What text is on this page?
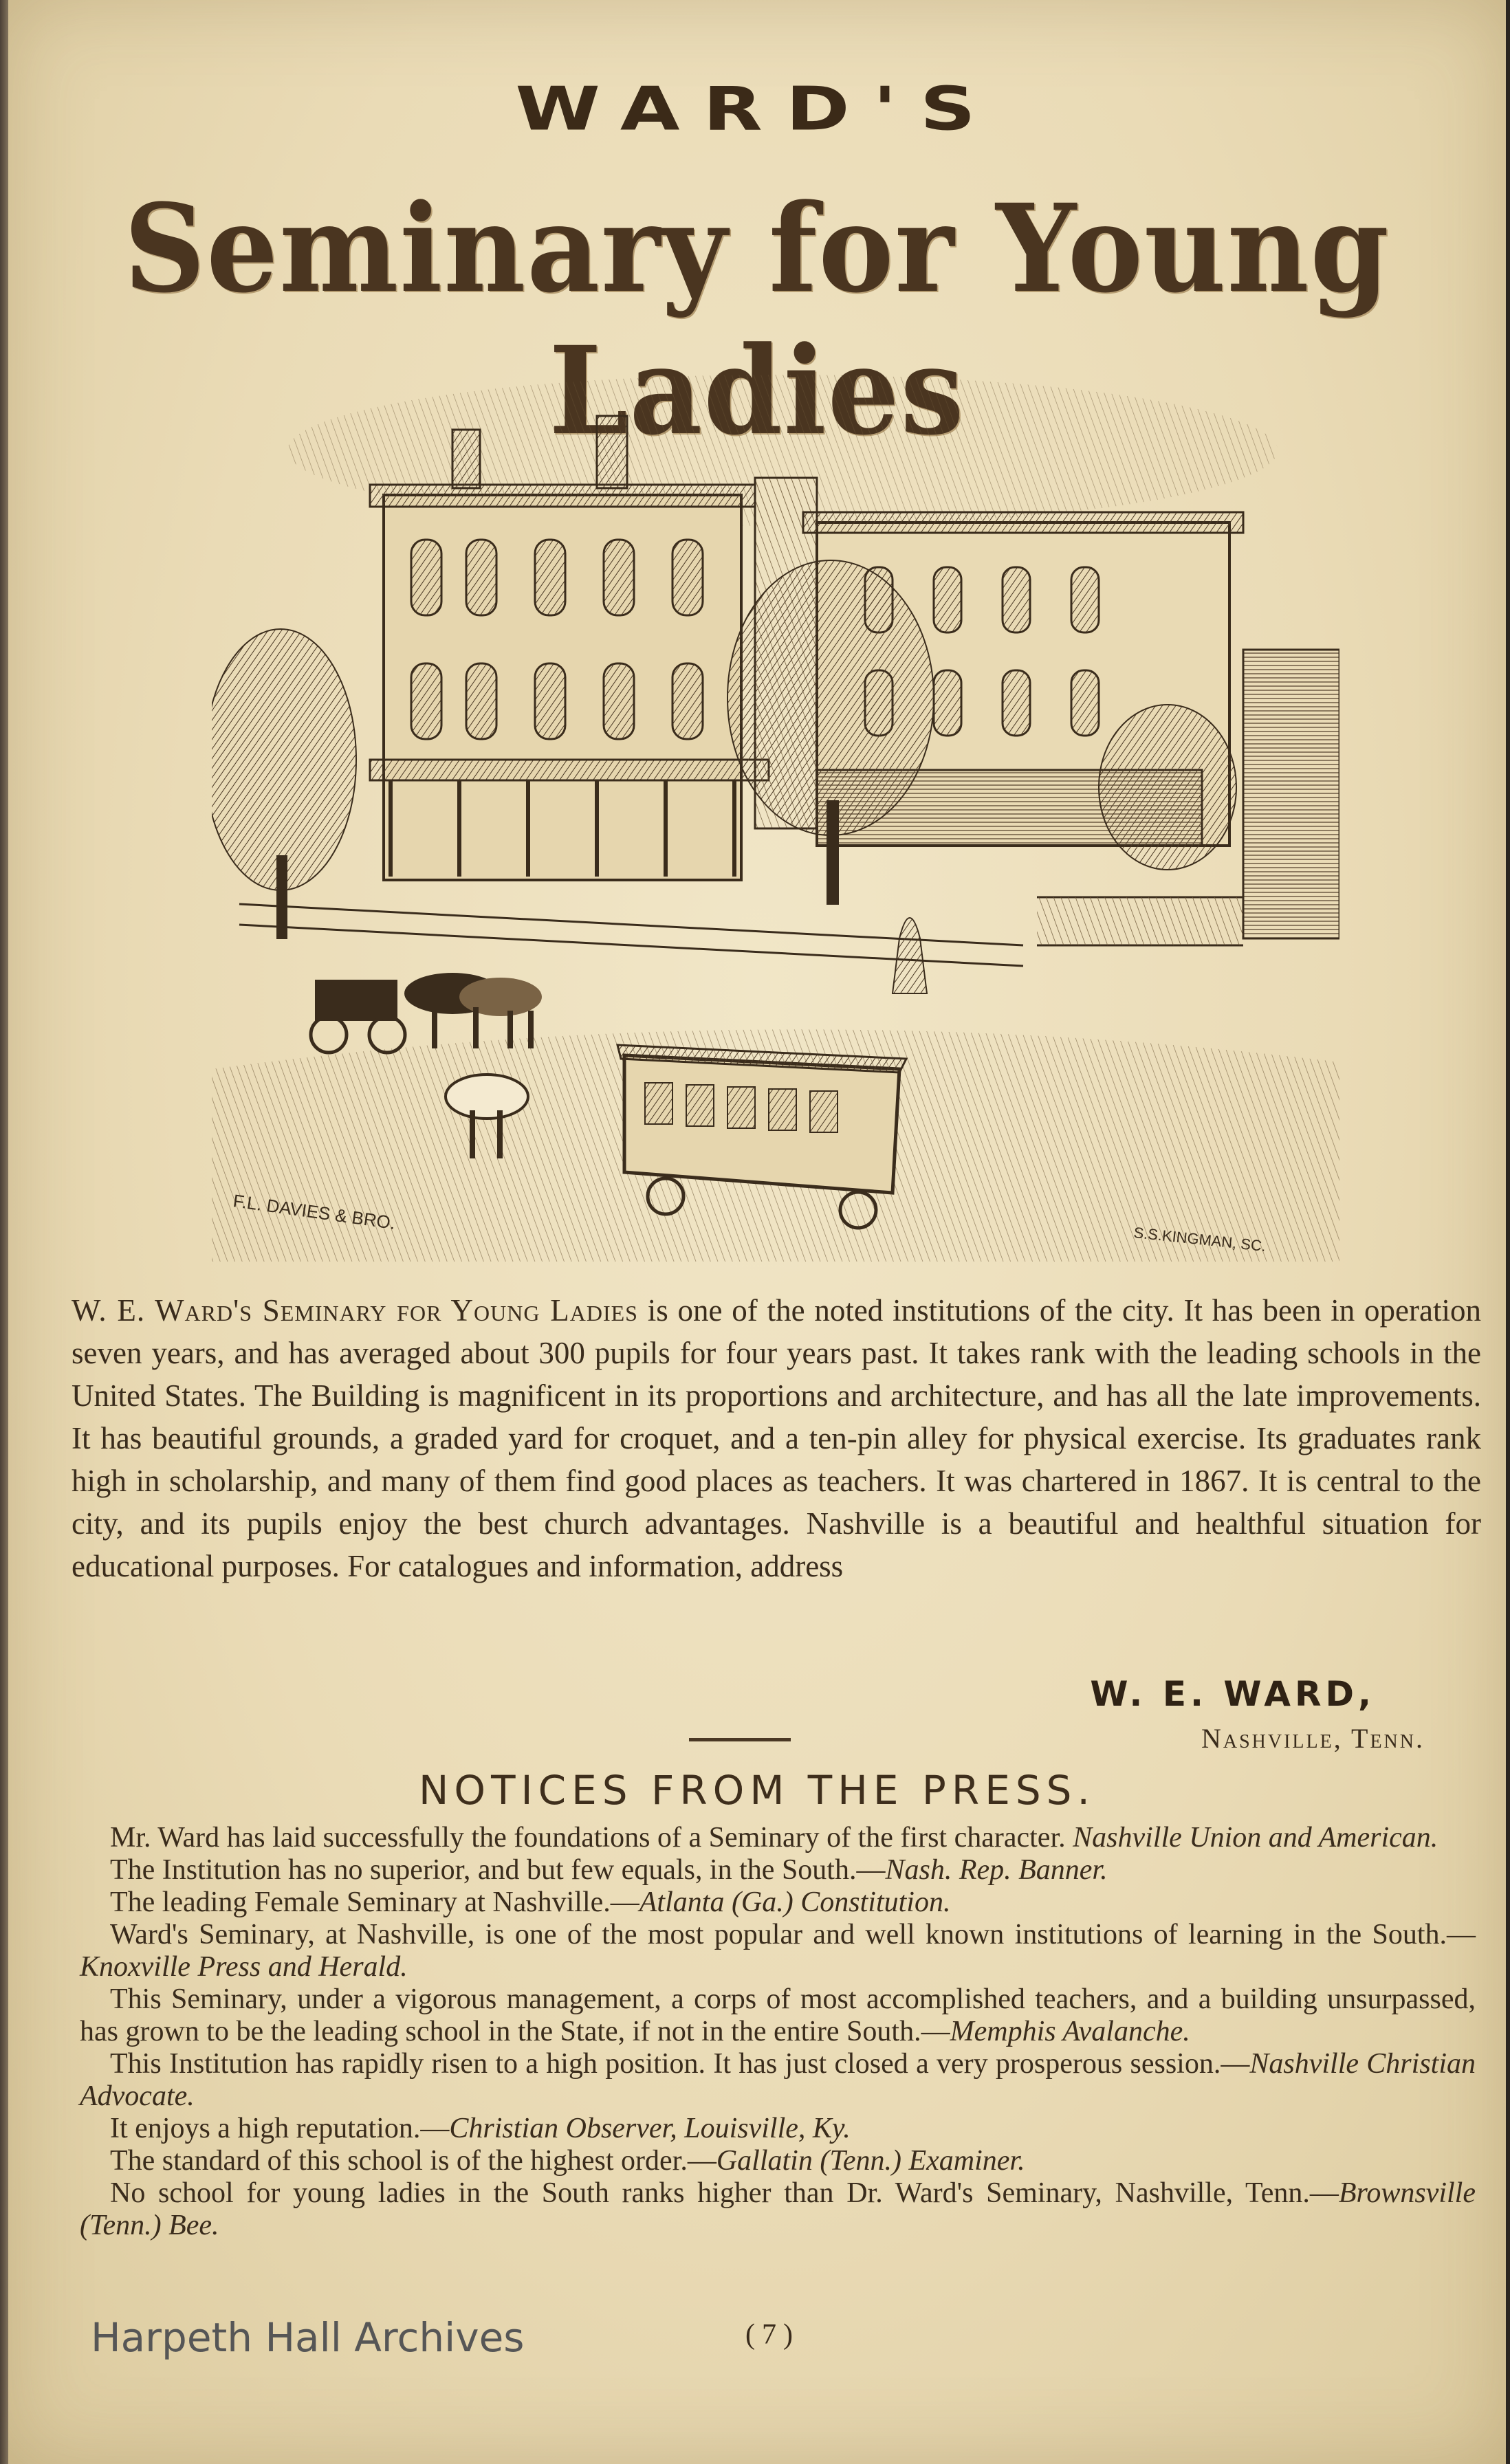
WARD'S
Seminary for Young
F.L. DAVIES & BRO.
S.S.KINGMAN, SC.
W. E. Ward's Seminary for Young Ladies is one of the noted institutions of the city. It has been in operation seven years, and has averaged about 300 pupils for four years past. It takes rank with the leading schools in the United States. The Building is magnificent in its proportions and architecture, and has all the late improvements. It has beautiful grounds, a graded yard for croquet, and a ten-pin alley for physical exercise. Its graduates rank high in scholarship, and many of them find good places as teachers. It was chartered in 1867. It is central to the city, and its pupils enjoy the best church advantages. Nashville is a beautiful and healthful situation for educational purposes. For catalogues and information, address
W. E. WARD,
Nashville, Tenn.
NOTICES FROM THE PRESS.

Mr. Ward has laid successfully the foundations of a Seminary of the first character. Nashville Union and American.

The Institution has no superior, and but few equals, in the South.—Nash. Rep. Banner.

The leading Female Seminary at Nashville.—Atlanta (Ga.) Constitution.

Ward's Seminary, at Nashville, is one of the most popular and well known institutions of learning in the South.—Knoxville Press and Herald.

This Seminary, under a vigorous management, a corps of most accomplished teachers, and a building unsurpassed, has grown to be the leading school in the State, if not in the entire South.—Memphis Avalanche.

This Institution has rapidly risen to a high position. It has just closed a very prosperous session.—Nashville Christian Advocate.

It enjoys a high reputation.—Christian Observer, Louisville, Ky.

The standard of this school is of the highest order.—Gallatin (Tenn.) Examiner.

No school for young ladies in the South ranks higher than Dr. Ward's Seminary, Nashville, Tenn.—Brownsville (Tenn.) Bee.

Harpeth Hall Archives	(7)
